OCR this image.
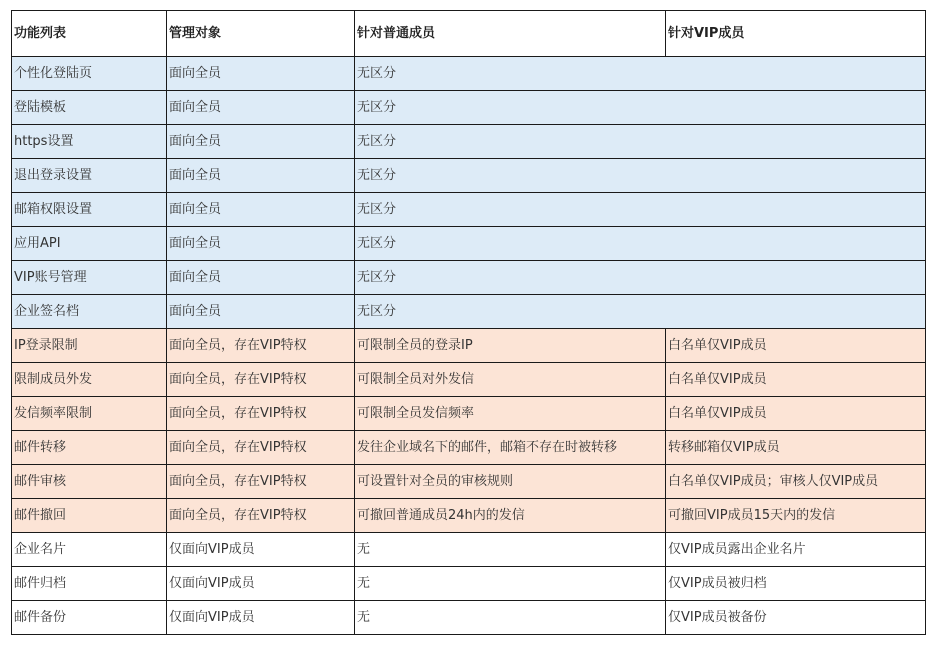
功能列表	管理对象	针对普通成员	针对VIP成员
个性化登陆页	面向全员	无区分	
登陆模板	面向全员	无区分	
https设置	面向全员	无区分	
退出登录设置	面向全员	无区分	
邮箱权限设置	面向全员	无区分	
应用API	面向全员	无区分	
VIP账号管理	面向全员	无区分	
企业签名档	面向全员	无区分	
IP登录限制	面向全员，存在VIP特权	可限制全员的登录IP	白名单仅VIP成员
限制成员外发	面向全员，存在VIP特权	可限制全员对外发信	白名单仅VIP成员
发信频率限制	面向全员，存在VIP特权	可限制全员发信频率	白名单仅VIP成员
邮件转移	面向全员，存在VIP特权	发往企业域名下的邮件，邮箱不存在时被转移	转移邮箱仅VIP成员
邮件审核	面向全员，存在VIP特权	可设置针对全员的审核规则	白名单仅VIP成员；审核人仅VIP成员
邮件撤回	面向全员，存在VIP特权	可撤回普通成员24h内的发信	可撤回VIP成员15天内的发信
企业名片	仅面向VIP成员	无	仅VIP成员露出企业名片
邮件归档	仅面向VIP成员	无	仅VIP成员被归档
邮件备份	仅面向VIP成员	无	仅VIP成员被备份
